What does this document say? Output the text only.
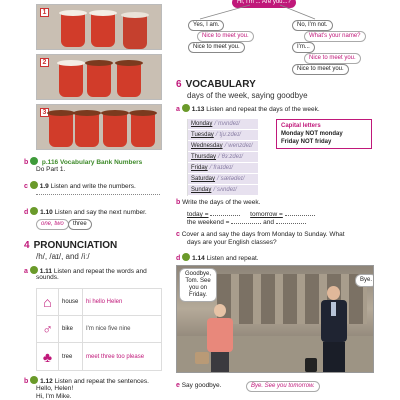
1
2
3
b p.116 Vocabulary Bank Numbers
Do Part 1.
c 1.9 Listen and write the numbers.
d 1.10 Listen and say the next number.
one, two	three
4 PRONUNCIATION
/h/, /aɪ/, and /iː/
a 1.11 Listen and repeat the words and
sounds.
⌂	house	hi hello Helen
♂	bike	I'm nice five nine
♣	tree	meet three too please
b 1.12 Listen and repeat the sentences.
Hello, Helen!
Hi, I'm Mike.
Hi, I'm ... Are you...?
Yes, I am.
Nice to meet you.
Nice to meet you.
No, I'm not.
What's your name?
I'm...
Nice to meet you.
Nice to meet you.
6 VOCABULARY
days of the week, saying goodbye
a 1.13 Listen and repeat the days of the week.
Monday /ˈmʌndeɪ/
Tuesday /ˈtjuːzdeɪ/
Wednesday /ˈwenzdeɪ/
Thursday /ˈθɜːzdeɪ/
Friday /ˈfraɪdeɪ/
Saturday /ˈsætədeɪ/
Sunday /ˈsʌndeɪ/
Capital letters
Monday NOT monday
Friday NOT friday
b Write the days of the week.
today =	tomorrow =
the weekend =	and
c Cover a and say the days from Monday to Sunday. What
days are your English classes?
d 1.14 Listen and repeat.
Goodbye, Tom. See you on Friday.
Bye.
e Say goodbye.	Bye. See you tomorrow.
